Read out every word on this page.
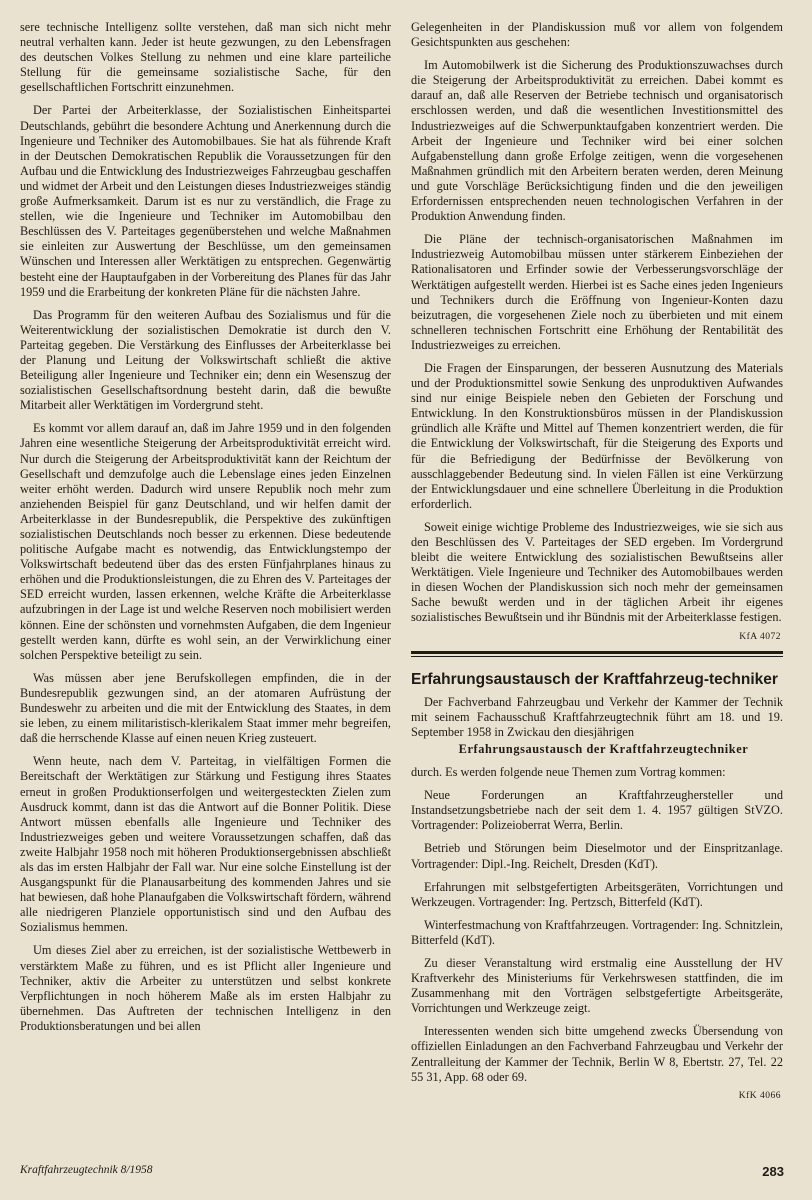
sere technische Intelligenz sollte verstehen, daß man sich nicht mehr neutral verhalten kann. Jeder ist heute gezwungen, zu den Lebensfragen des deutschen Volkes Stellung zu nehmen und eine klare parteiliche Stellung für die gemeinsame sozialistische Sache, für den gesellschaftlichen Fortschritt einzunehmen.

Der Partei der Arbeiterklasse, der Sozialistischen Einheitspartei Deutschlands, gebührt die besondere Achtung und Anerkennung durch die Ingenieure und Techniker des Automobilbaues. Sie hat als führende Kraft in der Deutschen Demokratischen Republik die Voraussetzungen für den Aufbau und die Entwicklung des Industriezweiges Fahrzeugbau geschaffen und widmet der Arbeit und den Leistungen dieses Industriezweiges ständig große Aufmerksamkeit. Darum ist es nur zu verständlich, die Frage zu stellen, wie die Ingenieure und Techniker im Automobilbau den Beschlüssen des V. Parteitages gegenüberstehen und welche Maßnahmen sie einleiten zur Auswertung der Beschlüsse, um den gemeinsamen Wünschen und Interessen aller Werktätigen zu entsprechen. Gegenwärtig besteht eine der Hauptaufgaben in der Vorbereitung des Planes für das Jahr 1959 und die Erarbeitung der konkreten Pläne für die nächsten Jahre.

Das Programm für den weiteren Aufbau des Sozialismus und für die Weiterentwicklung der sozialistischen Demokratie ist durch den V. Parteitag gegeben. Die Verstärkung des Einflusses der Arbeiterklasse bei der Planung und Leitung der Volkswirtschaft schließt die aktive Beteiligung aller Ingenieure und Techniker ein; denn ein Wesenszug der sozialistischen Gesellschaftsordnung besteht darin, daß die bewußte Mitarbeit aller Werktätigen im Vordergrund steht.

Es kommt vor allem darauf an, daß im Jahre 1959 und in den folgenden Jahren eine wesentliche Steigerung der Arbeitsproduktivität erreicht wird. Nur durch die Steigerung der Arbeitsproduktivität kann der Reichtum der Gesellschaft und demzufolge auch die Lebenslage eines jeden Einzelnen weiter erhöht werden. Dadurch wird unsere Republik noch mehr zum anziehenden Beispiel für ganz Deutschland, und wir helfen damit der Arbeiterklasse in der Bundesrepublik, die Perspektive des zukünftigen sozialistischen Deutschlands noch besser zu erkennen. Diese bedeutende politische Aufgabe macht es notwendig, das Entwicklungstempo der Volkswirtschaft bedeutend über das des ersten Fünfjahrplanes hinaus zu erhöhen und die Produktionsleistungen, die zu Ehren des V. Parteitages der SED erreicht wurden, lassen erkennen, welche Kräfte die Arbeiterklasse aufzubringen in der Lage ist und welche Reserven noch mobilisiert werden können. Eine der schönsten und vornehmsten Aufgaben, die dem Ingenieur gestellt werden kann, dürfte es wohl sein, an der Verwirklichung einer solchen Perspektive beteiligt zu sein.

Was müssen aber jene Berufskollegen empfinden, die in der Bundesrepublik gezwungen sind, an der atomaren Aufrüstung der Bundeswehr zu arbeiten und die mit der Entwicklung des Staates, in dem sie leben, zu einem militaristisch-klerikalem Staat immer mehr begreifen, daß die herrschende Klasse auf einen neuen Krieg zusteuert.

Wenn heute, nach dem V. Parteitag, in vielfältigen Formen die Bereitschaft der Werktätigen zur Stärkung und Festigung ihres Staates erneut in großen Produktionserfolgen und weitergesteckten Zielen zum Ausdruck kommt, dann ist das die Antwort auf die Bonner Politik. Diese Antwort müssen ebenfalls alle Ingenieure und Techniker des Industriezweiges geben und weitere Voraussetzungen schaffen, daß das zweite Halbjahr 1958 noch mit höheren Produktionsergebnissen abschließt als das im ersten Halbjahr der Fall war. Nur eine solche Einstellung ist der Ausgangspunkt für die Planausarbeitung des kommenden Jahres und sie hat bewiesen, daß hohe Planaufgaben die Volkswirtschaft fördern, während alle niedrigeren Planziele opportunistisch sind und den Aufbau des Sozialismus hemmen.

Um dieses Ziel aber zu erreichen, ist der sozialistische Wettbewerb in verstärktem Maße zu führen, und es ist Pflicht aller Ingenieure und Techniker, aktiv die Arbeiter zu unterstützen und selbst konkrete Verpflichtungen in noch höherem Maße als im ersten Halbjahr zu übernehmen. Das Auftreten der technischen Intelligenz in den Produktionsberatungen und bei allen

Gelegenheiten in der Plandiskussion muß vor allem von folgendem Gesichtspunkten aus geschehen:

Im Automobilwerk ist die Sicherung des Produktionszuwachses durch die Steigerung der Arbeitsproduktivität zu erreichen. Dabei kommt es darauf an, daß alle Reserven der Betriebe technisch und organisatorisch erschlossen werden, und daß die wesentlichen Investitionsmittel des Industriezweiges auf die Schwerpunktaufgaben konzentriert werden. Die Arbeit der Ingenieure und Techniker wird bei einer solchen Aufgabenstellung dann große Erfolge zeitigen, wenn die vorgesehenen Maßnahmen gründlich mit den Arbeitern beraten werden, deren Meinung und gute Vorschläge Berücksichtigung finden und die den jeweiligen Erfordernissen entsprechenden neuen technologischen Verfahren in der Produktion Anwendung finden.

Die Pläne der technisch-organisatorischen Maßnahmen im Industriezweig Automobilbau müssen unter stärkerem Einbeziehen der Rationalisatoren und Erfinder sowie der Verbesserungsvorschläge der Werktätigen aufgestellt werden. Hierbei ist es Sache eines jeden Ingenieurs und Technikers durch die Eröffnung von Ingenieur-Konten dazu beizutragen, die vorgesehenen Ziele noch zu überbieten und mit einem schnelleren technischen Fortschritt eine Erhöhung der Rentabilität des Industriezweiges zu erreichen.

Die Fragen der Einsparungen, der besseren Ausnutzung des Materials und der Produktionsmittel sowie Senkung des unproduktiven Aufwandes sind nur einige Beispiele neben den Gebieten der Forschung und Entwicklung. In den Konstruktionsbüros müssen in der Plandiskussion gründlich alle Kräfte und Mittel auf Themen konzentriert werden, die für die Entwicklung der Volkswirtschaft, für die Steigerung des Exports und für die Befriedigung der Bedürfnisse der Bevölkerung von ausschlaggebender Bedeutung sind. In vielen Fällen ist eine Verkürzung der Entwicklungsdauer und eine schnellere Überleitung in die Produktion erforderlich.

Soweit einige wichtige Probleme des Industriezweiges, wie sie sich aus den Beschlüssen des V. Parteitages der SED ergeben. Im Vordergrund bleibt die weitere Entwicklung des sozialistischen Bewußtseins aller Werktätigen. Viele Ingenieure und Techniker des Automobilbaues werden in diesen Wochen der Plandiskussion sich noch mehr der gemeinsamen Sache bewußt werden und in der täglichen Arbeit ihr eigenes sozialistisches Bewußtsein und ihr Bündnis mit der Arbeiterklasse festigen.

KfA 4072
Erfahrungsaustausch der Kraftfahrzeug-techniker

Der Fachverband Fahrzeugbau und Verkehr der Kammer der Technik mit seinem Fachausschuß Kraftfahrzeugtechnik führt am 18. und 19. September 1958 in Zwickau den diesjährigen

Erfahrungsaustausch der Kraftfahrzeugtechniker

durch. Es werden folgende neue Themen zum Vortrag kommen:

Neue Forderungen an Kraftfahrzeughersteller und Instandsetzungsbetriebe nach der seit dem 1. 4. 1957 gültigen StVZO. Vortragender: Polizeioberrat Werra, Berlin.

Betrieb und Störungen beim Dieselmotor und der Einspritzanlage. Vortragender: Dipl.-Ing. Reichelt, Dresden (KdT).

Erfahrungen mit selbstgefertigten Arbeitsgeräten, Vorrichtungen und Werkzeugen. Vortragender: Ing. Pertzsch, Bitterfeld (KdT).

Winterfestmachung von Kraftfahrzeugen. Vortragender: Ing. Schnitzlein, Bitterfeld (KdT).

Zu dieser Veranstaltung wird erstmalig eine Ausstellung der HV Kraftverkehr des Ministeriums für Verkehrswesen stattfinden, die im Zusammenhang mit den Vorträgen selbstgefertigte Arbeitsgeräte, Vorrichtungen und Werkzeuge zeigt.

Interessenten wenden sich bitte umgehend zwecks Übersendung von offiziellen Einladungen an den Fachverband Fahrzeugbau und Verkehr der Zentralleitung der Kammer der Technik, Berlin W 8, Ebertstr. 27, Tel. 22 55 31, App. 68 oder 69.

KfK 4066
Kraftfahrzeugtechnik 8/1958	283
